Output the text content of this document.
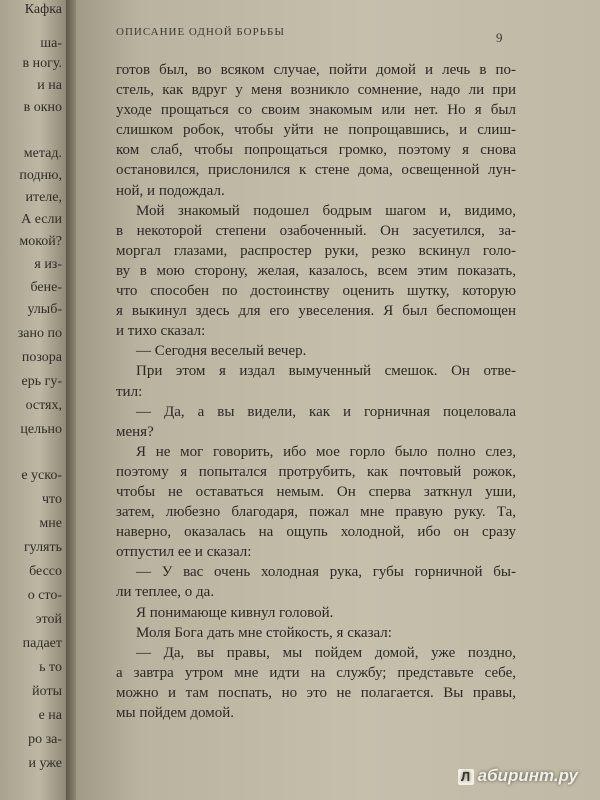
Кафка
ша-
в ногу.
и на
в окно
метад.
подню,
ителе,
А если
мокой?
я из-
бене-
улыб-
зано по
позора
ерь гу-
остях,
цельно
е уско-
что
мне
гулять
бессо
о сто-
этой
падает
ь то
йоты
е на
ро за-
и уже
ОПИСАНИЕ ОДНОЙ БОРЬБЫ	9
готов был, во всяком случае, пойти домой и лечь в по-
стель, как вдруг у меня возникло сомнение, надо ли при
уходе прощаться со своим знакомым или нет. Но я был
слишком робок, чтобы уйти не попрощавшись, и слиш-
ком слаб, чтобы попрощаться громко, поэтому я снова
остановился, прислонился к стене дома, освещенной лун-
ной, и подождал.
Мой знакомый подошел бодрым шагом и, видимо,
в некоторой степени озабоченный. Он засуетился, за-
моргал глазами, распростер руки, резко вскинул голо-
ву в мою сторону, желая, казалось, всем этим показать,
что способен по достоинству оценить шутку, которую
я выкинул здесь для его увеселения. Я был беспомощен
и тихо сказал:
— Сегодня веселый вечер.
При этом я издал вымученный смешок. Он отве-
тил:
— Да, а вы видели, как и горничная поцеловала
меня?
Я не мог говорить, ибо мое горло было полно слез,
поэтому я попытался протрубить, как почтовый рожок,
чтобы не оставаться немым. Он сперва заткнул уши,
затем, любезно благодаря, пожал мне правую руку. Та,
наверно, оказалась на ощупь холодной, ибо он сразу
отпустил ее и сказал:
— У вас очень холодная рука, губы горничной бы-
ли теплее, о да.
Я понимающе кивнул головой.
Моля Бога дать мне стойкость, я сказал:
— Да, вы правы, мы пойдем домой, уже поздно,
а завтра утром мне идти на службу; представьте себе,
можно и там поспать, но это не полагается. Вы правы,
мы пойдем домой.
Л абиринт.ру
